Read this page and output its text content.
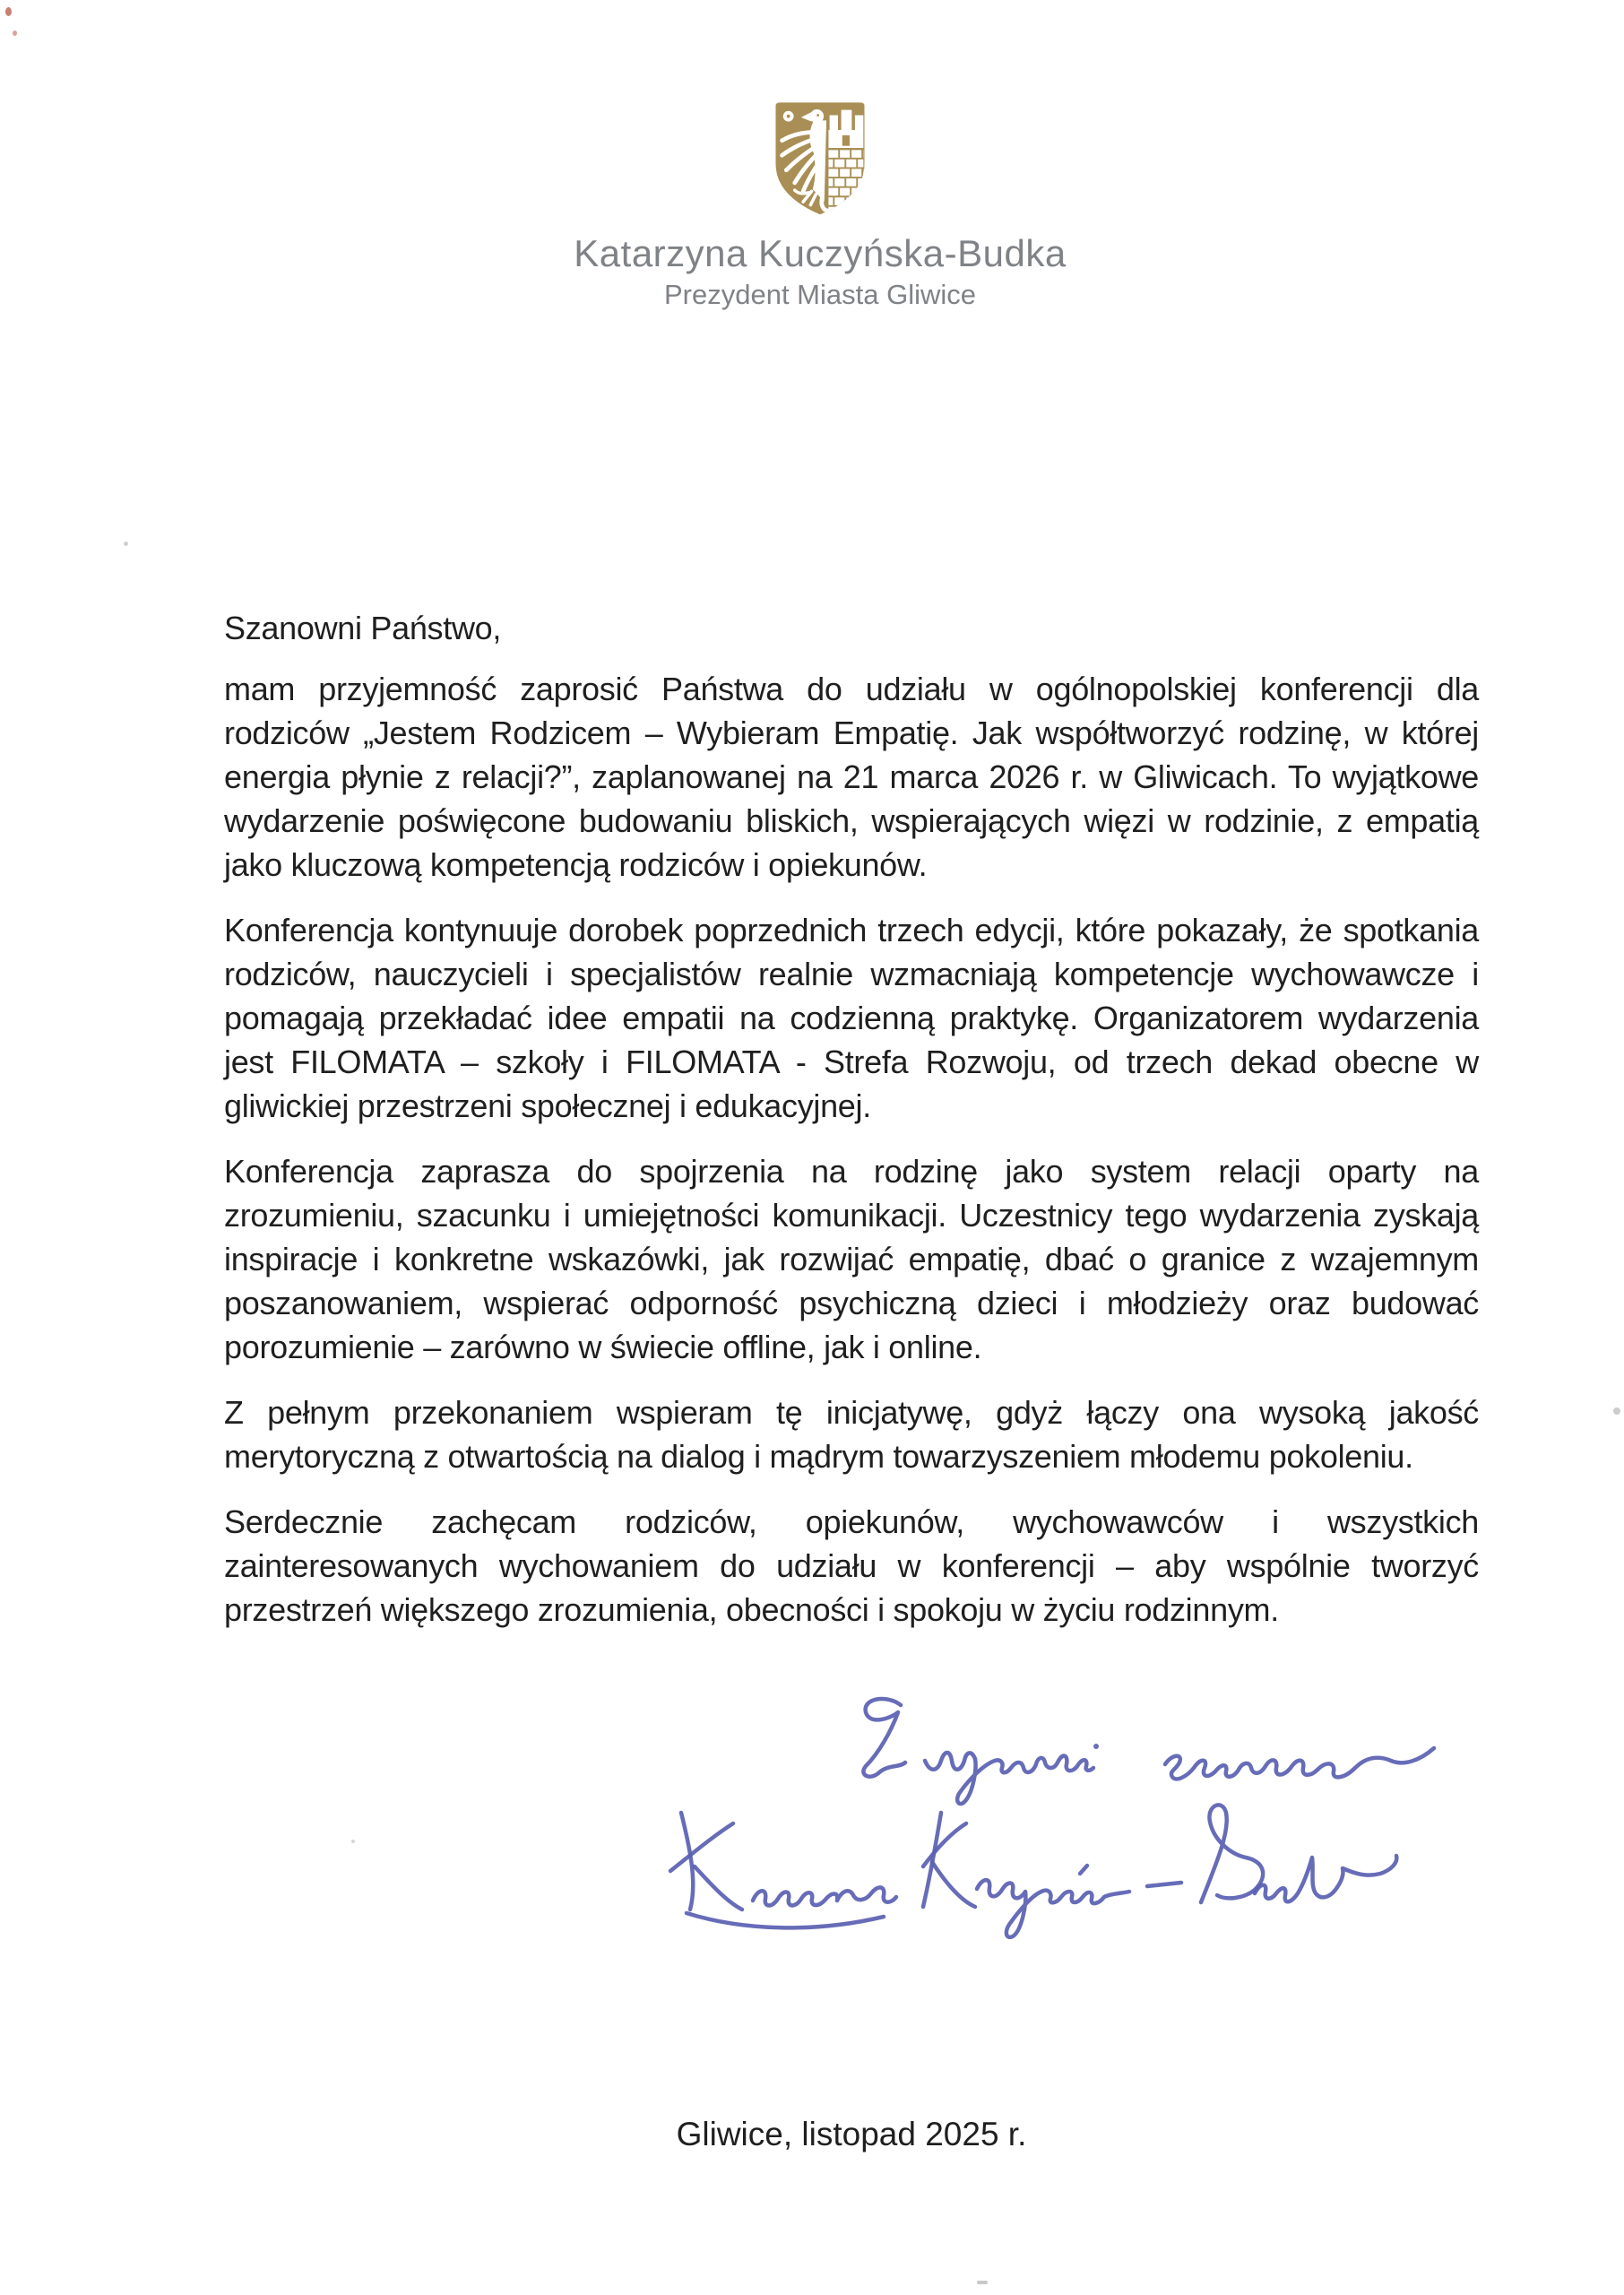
Katarzyna Kuczyńska-Budka
Prezydent Miasta Gliwice

Szanowni Państwo,

mam przyjemność zaprosić Państwa do udziału w ogólnopolskiej konferencji dla rodziców „Jestem Rodzicem – Wybieram Empatię. Jak współtworzyć rodzinę, w której energia płynie z relacji?”, zaplanowanej na 21 marca 2026 r. w Gliwicach. To wyjątkowe wydarzenie poświęcone budowaniu bliskich, wspierających więzi w rodzinie, z empatią jako kluczową kompetencją rodziców i opiekunów.

Konferencja kontynuuje dorobek poprzednich trzech edycji, które pokazały, że spotkania rodziców, nauczycieli i specjalistów realnie wzmacniają kompetencje wychowawcze i pomagają przekładać idee empatii na codzienną praktykę. Organizatorem wydarzenia jest FILOMATA – szkoły i FILOMATA - Strefa Rozwoju, od trzech dekad obecne w gliwickiej przestrzeni społecznej i edukacyjnej.

Konferencja zaprasza do spojrzenia na rodzinę jako system relacji oparty na zrozumieniu, szacunku i umiejętności komunikacji. Uczestnicy tego wydarzenia zyskają inspiracje i konkretne wskazówki, jak rozwijać empatię, dbać o granice z wzajemnym poszanowaniem, wspierać odporność psychiczną dzieci i młodzieży oraz budować porozumienie – zarówno w świecie offline, jak i online.

Z pełnym przekonaniem wspieram tę inicjatywę, gdyż łączy ona wysoką jakość merytoryczną z otwartością na dialog i mądrym towarzyszeniem młodemu pokoleniu.

Serdecznie zachęcam rodziców, opiekunów, wychowawców i wszystkich zainteresowanych wychowaniem do udziału w konferencji – aby wspólnie tworzyć przestrzeń większego zrozumienia, obecności i spokoju w życiu rodzinnym.

Gliwice, listopad 2025 r.
